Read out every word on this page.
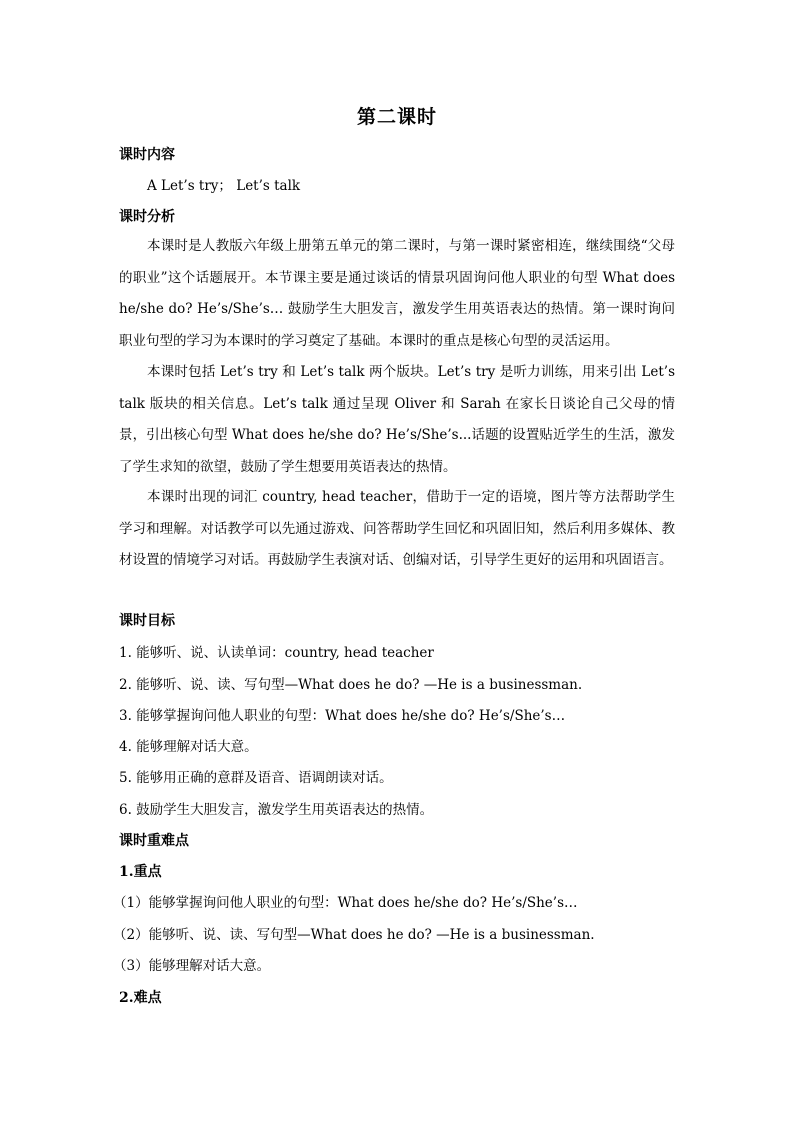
第二课时
课时内容
A Let’s try； Let’s talk
课时分析
本课时是人教版六年级上册第五单元的第二课时，与第一课时紧密相连，继续围绕“父母的职业”这个话题展开。本节课主要是通过谈话的情景巩固询问他人职业的句型 What does he/she do? He’s/She’s… 鼓励学生大胆发言，激发学生用英语表达的热情。第一课时询问职业句型的学习为本课时的学习奠定了基础。本课时的重点是核心句型的灵活运用。
本课时包括 Let’s try 和 Let’s talk 两个版块。Let’s try 是听力训练，用来引出 Let’s talk 版块的相关信息。Let’s talk 通过呈现 Oliver 和 Sarah 在家长日谈论自己父母的情景，引出核心句型 What does he/she do? He’s/She’s...话题的设置贴近学生的生活，激发了学生求知的欲望，鼓励了学生想要用英语表达的热情。
本课时出现的词汇 country, head teacher，借助于一定的语境，图片等方法帮助学生学习和理解。对话教学可以先通过游戏、问答帮助学生回忆和巩固旧知，然后利用多媒体、教材设置的情境学习对话。再鼓励学生表演对话、创编对话，引导学生更好的运用和巩固语言。
课时目标
1. 能够听、说、认读单词：country, head teacher
2. 能够听、说、读、写句型—What does he do? —He is a businessman.
3. 能够掌握询问他人职业的句型：What does he/she do? He’s/She’s…
4. 能够理解对话大意。
5. 能够用正确的意群及语音、语调朗读对话。
6. 鼓励学生大胆发言，激发学生用英语表达的热情。
课时重难点
1.重点
（1）能够掌握询问他人职业的句型：What does he/she do? He’s/She’s…
（2）能够听、说、读、写句型—What does he do? —He is a businessman.
（3）能够理解对话大意。
2.难点
